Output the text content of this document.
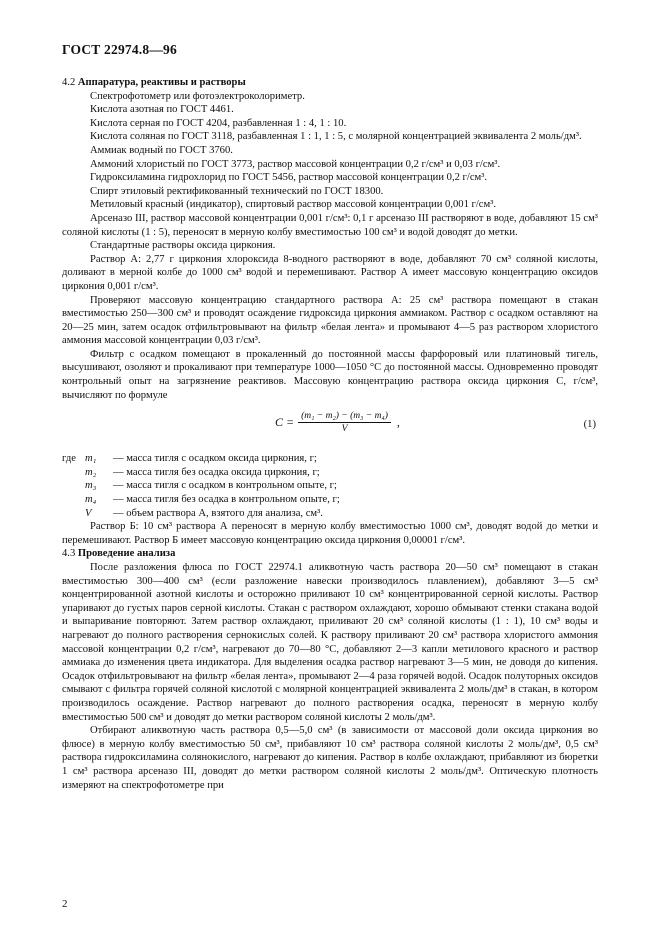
ГОСТ 22974.8—96

4.2 Аппаратура, реактивы и растворы

Спектрофотометр или фотоэлектроколориметр.

Кислота азотная по ГОСТ 4461.

Кислота серная по ГОСТ 4204, разбавленная 1 : 4, 1 : 10.

Кислота соляная по ГОСТ 3118, разбавленная 1 : 1, 1 : 5, с молярной концентрацией эквивалента 2 моль/дм³.

Аммиак водный по ГОСТ 3760.

Аммоний хлористый по ГОСТ 3773, раствор массовой концентрации 0,2 г/см³ и 0,03 г/см³.

Гидроксиламина гидрохлорид по ГОСТ 5456, раствор массовой концентрации 0,2 г/см³.

Спирт этиловый ректификованный технический по ГОСТ 18300.

Метиловый красный (индикатор), спиртовый раствор массовой концентрации 0,001 г/см³.

Арсеназо III, раствор массовой концентрации 0,001 г/см³: 0,1 г арсеназо III растворяют в воде, добавляют 15 см³ соляной кислоты (1 : 5), переносят в мерную колбу вместимостью 100 см³ и водой доводят до метки.

Стандартные растворы оксида циркония.

Раствор А: 2,77 г циркония хлороксида 8-водного растворяют в воде, добавляют 70 см³ соляной кислоты, доливают в мерной колбе до 1000 см³ водой и перемешивают. Раствор А имеет массовую концентрацию оксидов циркония 0,001 г/см³.

Проверяют массовую концентрацию стандартного раствора А: 25 см³ раствора помещают в стакан вместимостью 250—300 см³ и проводят осаждение гидроксида циркония аммиаком. Раствор с осадком оставляют на 20—25 мин, затем осадок отфильтровывают на фильтр «белая лента» и промывают 4—5 раз раствором хлористого аммония массовой концентрации 0,03 г/см³.

Фильтр с осадком помещают в прокаленный до постоянной массы фарфоровый или платиновый тигель, высушивают, озоляют и прокаливают при температуре 1000—1050 °С до постоянной массы. Одновременно проводят контрольный опыт на загрязнение реактивов. Массовую концентрацию раствора оксида циркония С, г/см³, вычисляют по формуле

$C = \frac{\text{(m₁ − m₂) − (m₃ − m₄)}}{V}$ ,	(1)
где m₁	— масса тигля с осадком оксида циркония, г;
m₂	— масса тигля без осадка оксида циркония, г;
m₃	— масса тигля с осадком в контрольном опыте, г;
m₄	— масса тигля без осадка в контрольном опыте, г;
V	— объем раствора А, взятого для анализа, см³.

Раствор Б: 10 см³ раствора А переносят в мерную колбу вместимостью 1000 см³, доводят водой до метки и перемешивают. Раствор Б имеет массовую концентрацию оксида циркония 0,00001 г/см³.

4.3 Проведение анализа

После разложения флюса по ГОСТ 22974.1 аликвотную часть раствора 20—50 см³ помещают в стакан вместимостью 300—400 см³ (если разложение навески производилось плавлением), добавляют 3—5 см³ концентрированной азотной кислоты и осторожно приливают 10 см³ концентрированной серной кислоты. Раствор упаривают до густых паров серной кислоты. Стакан с раствором охлаждают, хорошо обмывают стенки стакана водой и выпаривание повторяют. Затем раствор охлаждают, приливают 20 см³ соляной кислоты (1 : 1), 10 см³ воды и нагревают до полного растворения сернокислых солей. К раствору приливают 20 см³ раствора хлористого аммония массовой концентрации 0,2 г/см³, нагревают до 70—80 °С, добавляют 2—3 капли метилового красного и раствор аммиака до изменения цвета индикатора. Для выделения осадка раствор нагревают 3—5 мин, не доводя до кипения. Осадок отфильтровывают на фильтр «белая лента», промывают 2—4 раза горячей водой. Осадок полуторных оксидов смывают с фильтра горячей соляной кислотой с молярной концентрацией эквивалента 2 моль/дм³ в стакан, в котором производилось осаждение. Раствор нагревают до полного растворения осадка, переносят в мерную колбу вместимостью 500 см³ и доводят до метки раствором соляной кислоты 2 моль/дм³.

Отбирают аликвотную часть раствора 0,5—5,0 см³ (в зависимости от массовой доли оксида циркония во флюсе) в мерную колбу вместимостью 50 см³, прибавляют 10 см³ раствора соляной кислоты 2 моль/дм³, 0,5 см³ раствора гидроксиламина солянокислого, нагревают до кипения. Раствор в колбе охлаждают, прибавляют из бюретки 1 см³ раствора арсеназо III, доводят до метки раствором соляной кислоты 2 моль/дм³. Оптическую плотность измеряют на спектрофотометре при

2
